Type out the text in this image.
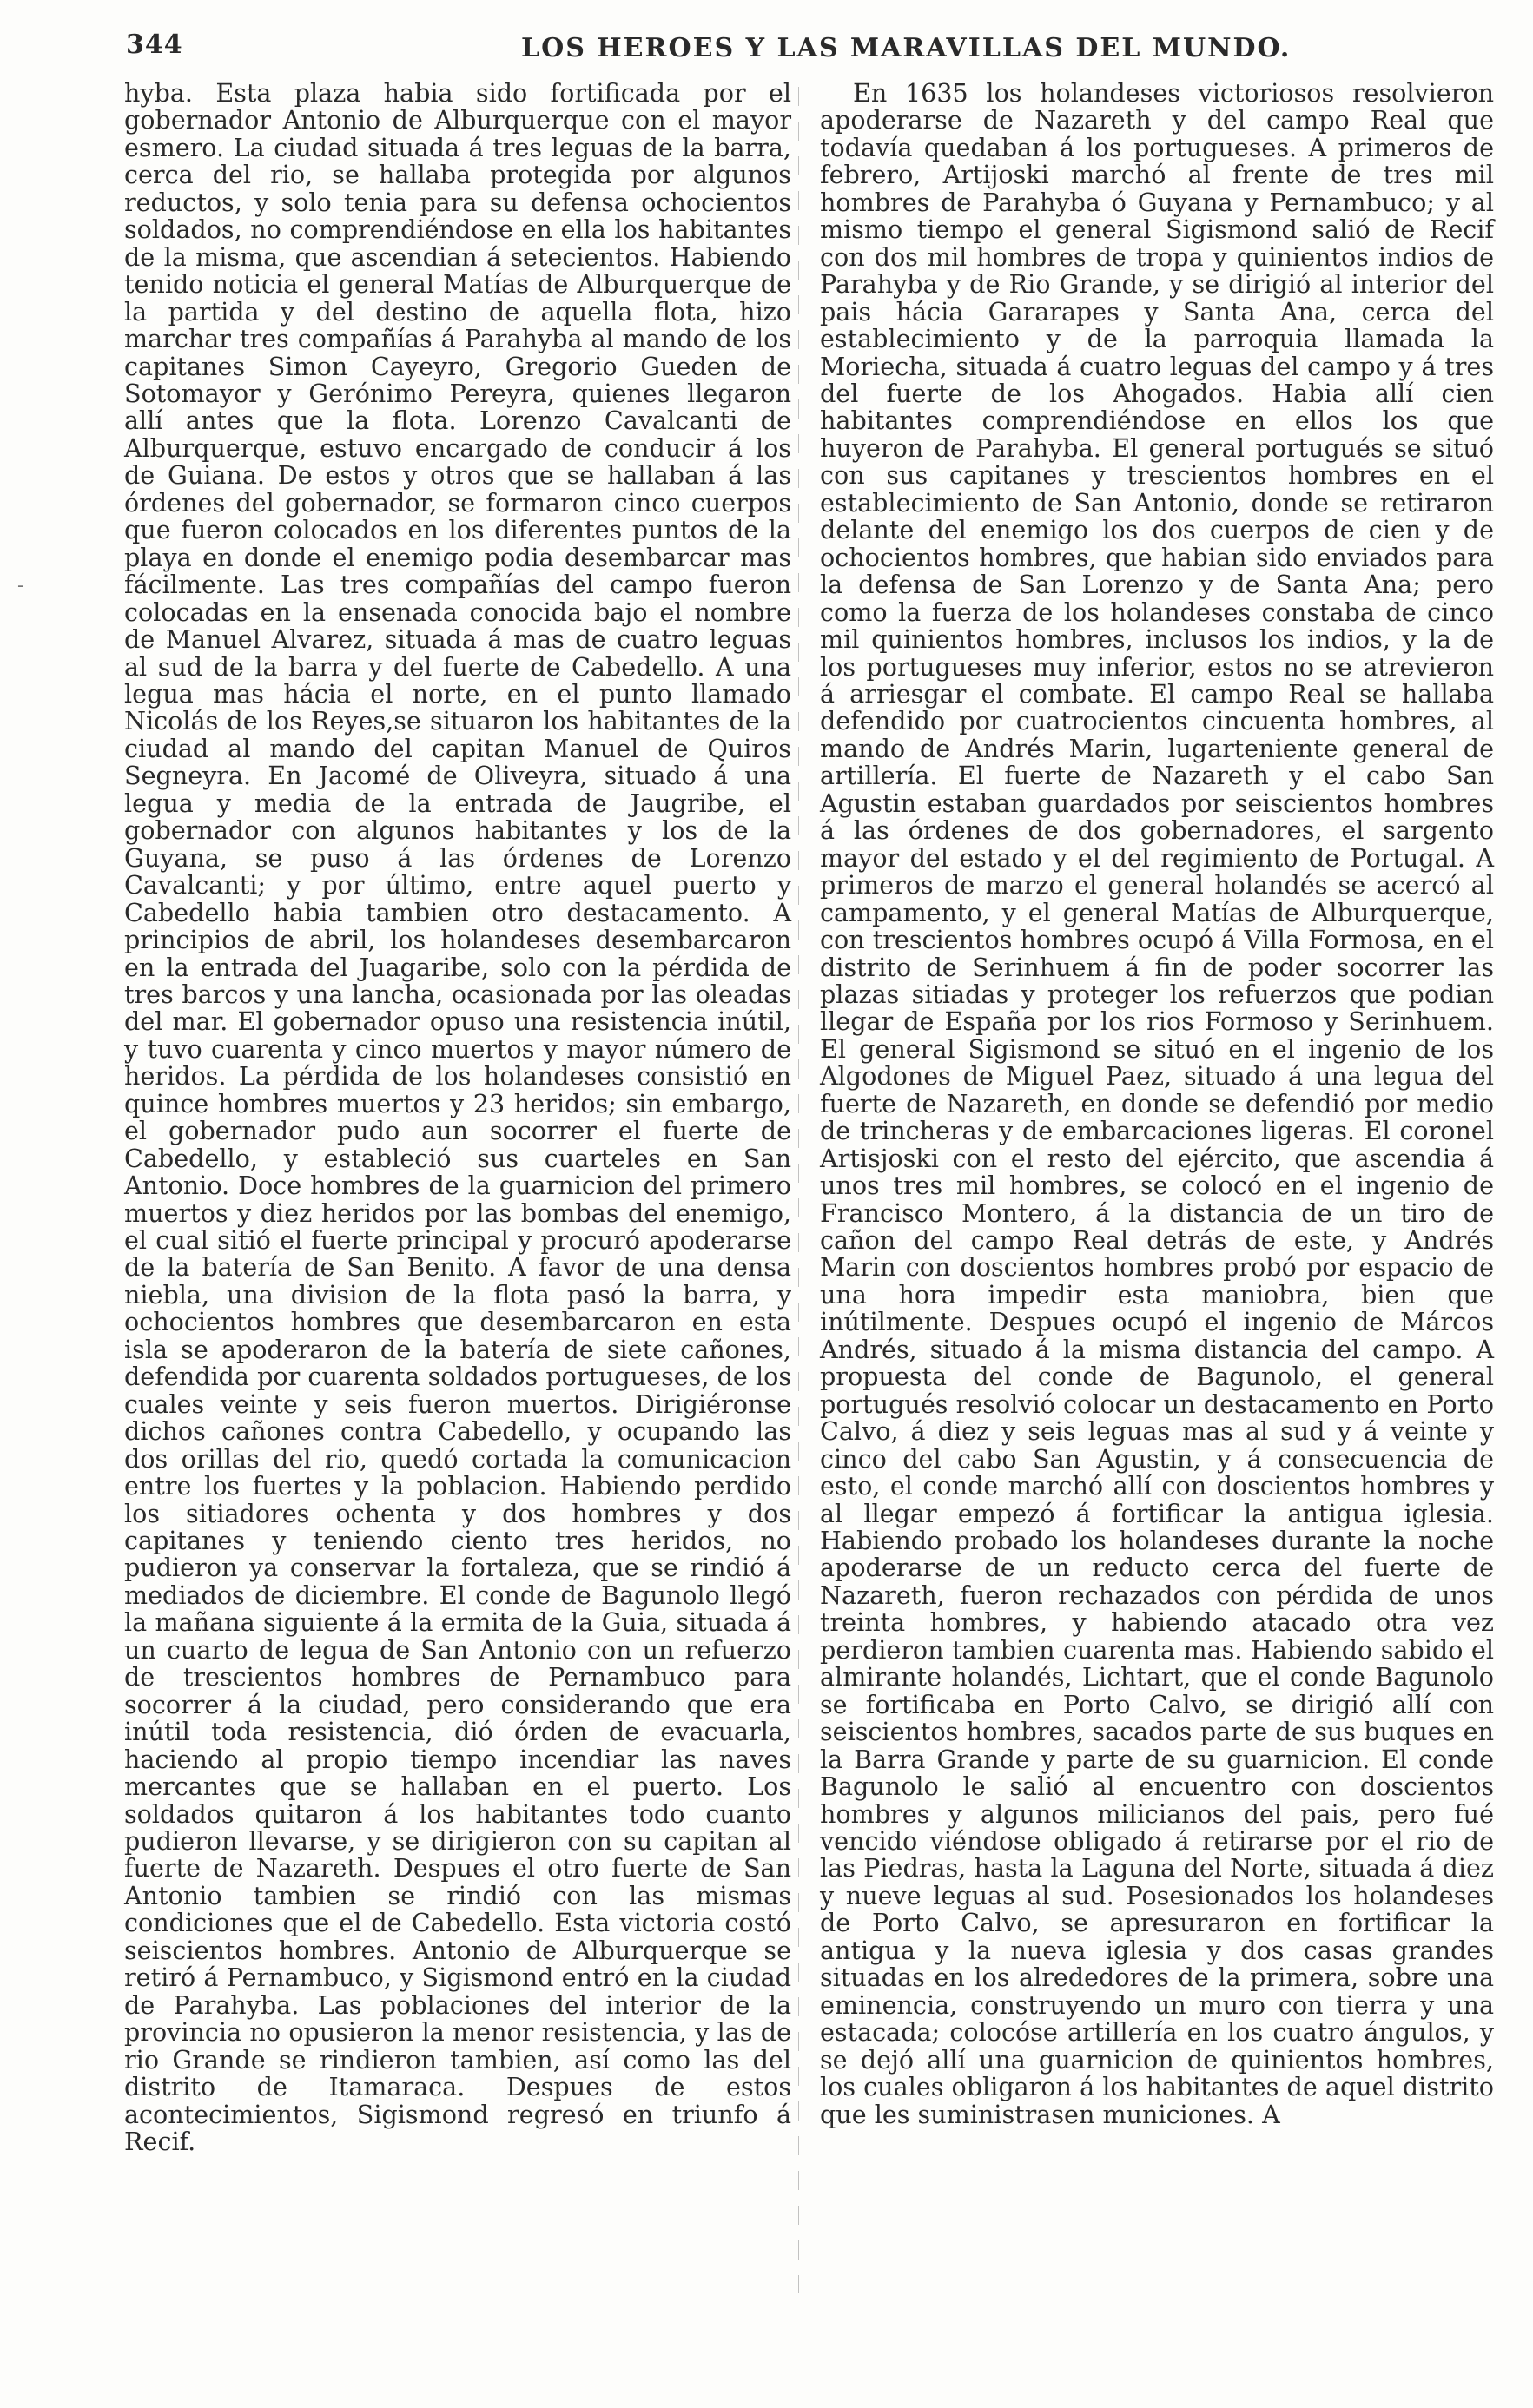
344	LOS HEROES Y LAS MARAVILLAS DEL MUNDO.
-

hyba. Esta plaza habia sido fortificada por el gobernador Antonio de Alburquerque con el mayor esmero. La ciudad situada á tres leguas de la barra, cerca del rio, se hallaba protegida por algunos reductos, y solo tenia para su defensa ochocientos soldados, no comprendiéndose en ella los habitantes de la misma, que ascendian á setecientos. Habiendo tenido noticia el general Matías de Alburquerque de la partida y del destino de aquella flota, hizo marchar tres compañías á Parahyba al mando de los capitanes Simon Cayeyro, Gregorio Gueden de Sotomayor y Gerónimo Pereyra, quienes llegaron allí antes que la flota. Lorenzo Cavalcanti de Alburquerque, estuvo encargado de conducir á los de Guiana. De estos y otros que se hallaban á las órdenes del gobernador, se formaron cinco cuerpos que fueron colocados en los diferentes puntos de la playa en donde el enemigo podia desembarcar mas fácilmente. Las tres compañías del campo fueron colocadas en la ensenada conocida bajo el nombre de Manuel Alvarez, situada á mas de cuatro leguas al sud de la barra y del fuerte de Cabedello. A una legua mas hácia el norte, en el punto llamado Nicolás de los Reyes,se situaron los habitantes de la ciudad al mando del capitan Manuel de Quiros Segneyra. En Jacomé de Oliveyra, situado á una legua y media de la entrada de Jaugribe, el gobernador con algunos habitantes y los de la Guyana, se puso á las órdenes de Lorenzo Cavalcanti; y por último, entre aquel puerto y Cabedello habia tambien otro destacamento. A principios de abril, los holandeses desembarcaron en la entrada del Juagaribe, solo con la pérdida de tres barcos y una lancha, ocasionada por las oleadas del mar. El gobernador opuso una resistencia inútil, y tuvo cuarenta y cinco muertos y mayor número de heridos. La pérdida de los holandeses consistió en quince hombres muertos y 23 heridos; sin embargo, el gobernador pudo aun socorrer el fuerte de Cabedello, y estableció sus cuarteles en San Antonio. Doce hombres de la guarnicion del primero muertos y diez heridos por las bombas del enemigo, el cual sitió el fuerte principal y procuró apoderarse de la batería de San Benito. A favor de una densa niebla, una division de la flota pasó la barra, y ochocientos hombres que desembarcaron en esta isla se apoderaron de la batería de siete cañones, defendida por cuarenta soldados portugueses, de los cuales veinte y seis fueron muertos. Dirigiéronse dichos cañones contra Cabedello, y ocupando las dos orillas del rio, quedó cortada la comunicacion entre los fuertes y la poblacion. Habiendo perdido los sitiadores ochenta y dos hombres y dos capitanes y teniendo ciento tres heridos, no pudieron ya conservar la fortaleza, que se rindió á mediados de diciembre. El conde de Bagunolo llegó la mañana siguiente á la ermita de la Guia, situada á un cuarto de legua de San Antonio con un refuerzo de trescientos hombres de Pernambuco para socorrer á la ciudad, pero considerando que era inútil toda resistencia, dió órden de evacuarla, haciendo al propio tiempo incendiar las naves mercantes que se hallaban en el puerto. Los soldados quitaron á los habitantes todo cuanto pudieron llevarse, y se dirigieron con su capitan al fuerte de Nazareth. Despues el otro fuerte de San Antonio tambien se rindió con las mismas condiciones que el de Cabedello. Esta victoria costó seiscientos hombres. Antonio de Alburquerque se retiró á Pernambuco, y Sigismond entró en la ciudad de Parahyba. Las poblaciones del interior de la provincia no opusieron la menor resistencia, y las de rio Grande se rindieron tambien, así como las del distrito de Itamaraca. Despues de estos acontecimientos, Sigismond regresó en triunfo á Recif.

En 1635 los holandeses victoriosos resolvieron apoderarse de Nazareth y del campo Real que todavía quedaban á los portugueses. A primeros de febrero, Artijoski marchó al frente de tres mil hombres de Parahyba ó Guyana y Pernambuco; y al mismo tiempo el general Sigismond salió de Recif con dos mil hombres de tropa y quinientos indios de Parahyba y de Rio Grande, y se dirigió al interior del pais hácia Gararapes y Santa Ana, cerca del establecimiento y de la parroquia llamada la Moriecha, situada á cuatro leguas del campo y á tres del fuerte de los Ahogados. Habia allí cien habitantes comprendiéndose en ellos los que huyeron de Parahyba. El general portugués se situó con sus capitanes y trescientos hombres en el establecimiento de San Antonio, donde se retiraron delante del enemigo los dos cuerpos de cien y de ochocientos hombres, que habian sido enviados para la defensa de San Lorenzo y de Santa Ana; pero como la fuerza de los holandeses constaba de cinco mil quinientos hombres, inclusos los indios, y la de los portugueses muy inferior, estos no se atrevieron á arriesgar el combate. El campo Real se hallaba defendido por cuatrocientos cincuenta hombres, al mando de Andrés Marin, lugarteniente general de artillería. El fuerte de Nazareth y el cabo San Agustin estaban guardados por seiscientos hombres á las órdenes de dos gobernadores, el sargento mayor del estado y el del regimiento de Portugal. A primeros de marzo el general holandés se acercó al campamento, y el general Matías de Alburquerque, con trescientos hombres ocupó á Villa Formosa, en el distrito de Serinhuem á fin de poder socorrer las plazas sitiadas y proteger los refuerzos que podian llegar de España por los rios Formoso y Serinhuem. El general Sigismond se situó en el ingenio de los Algodones de Miguel Paez, situado á una legua del fuerte de Nazareth, en donde se defendió por medio de trincheras y de embarcaciones ligeras. El coronel Artisjoski con el resto del ejército, que ascendia á unos tres mil hombres, se colocó en el ingenio de Francisco Montero, á la distancia de un tiro de cañon del campo Real detrás de este, y Andrés Marin con doscientos hombres probó por espacio de una hora impedir esta maniobra, bien que inútilmente. Despues ocupó el ingenio de Márcos Andrés, situado á la misma distancia del campo. A propuesta del conde de Bagunolo, el general portugués resolvió colocar un destacamento en Porto Calvo, á diez y seis leguas mas al sud y á veinte y cinco del cabo San Agustin, y á consecuencia de esto, el conde marchó allí con doscientos hombres y al llegar empezó á fortificar la antigua iglesia. Habiendo probado los holandeses durante la noche apoderarse de un reducto cerca del fuerte de Nazareth, fueron rechazados con pérdida de unos treinta hombres, y habiendo atacado otra vez perdieron tambien cuarenta mas. Habiendo sabido el almirante holandés, Lichtart, que el conde Bagunolo se fortificaba en Porto Calvo, se dirigió allí con seiscientos hombres, sacados parte de sus buques en la Barra Grande y parte de su guarnicion. El conde Bagunolo le salió al encuentro con doscientos hombres y algunos milicianos del pais, pero fué vencido viéndose obligado á retirarse por el rio de las Piedras, hasta la Laguna del Norte, situada á diez y nueve leguas al sud. Posesionados los holandeses de Porto Calvo, se apresuraron en fortificar la antigua y la nueva iglesia y dos casas grandes situadas en los alrededores de la primera, sobre una eminencia, construyendo un muro con tierra y una estacada; colocóse artillería en los cuatro ángulos, y se dejó allí una guarnicion de quinientos hombres, los cuales obligaron á los habitantes de aquel distrito que les suministrasen municiones. A
